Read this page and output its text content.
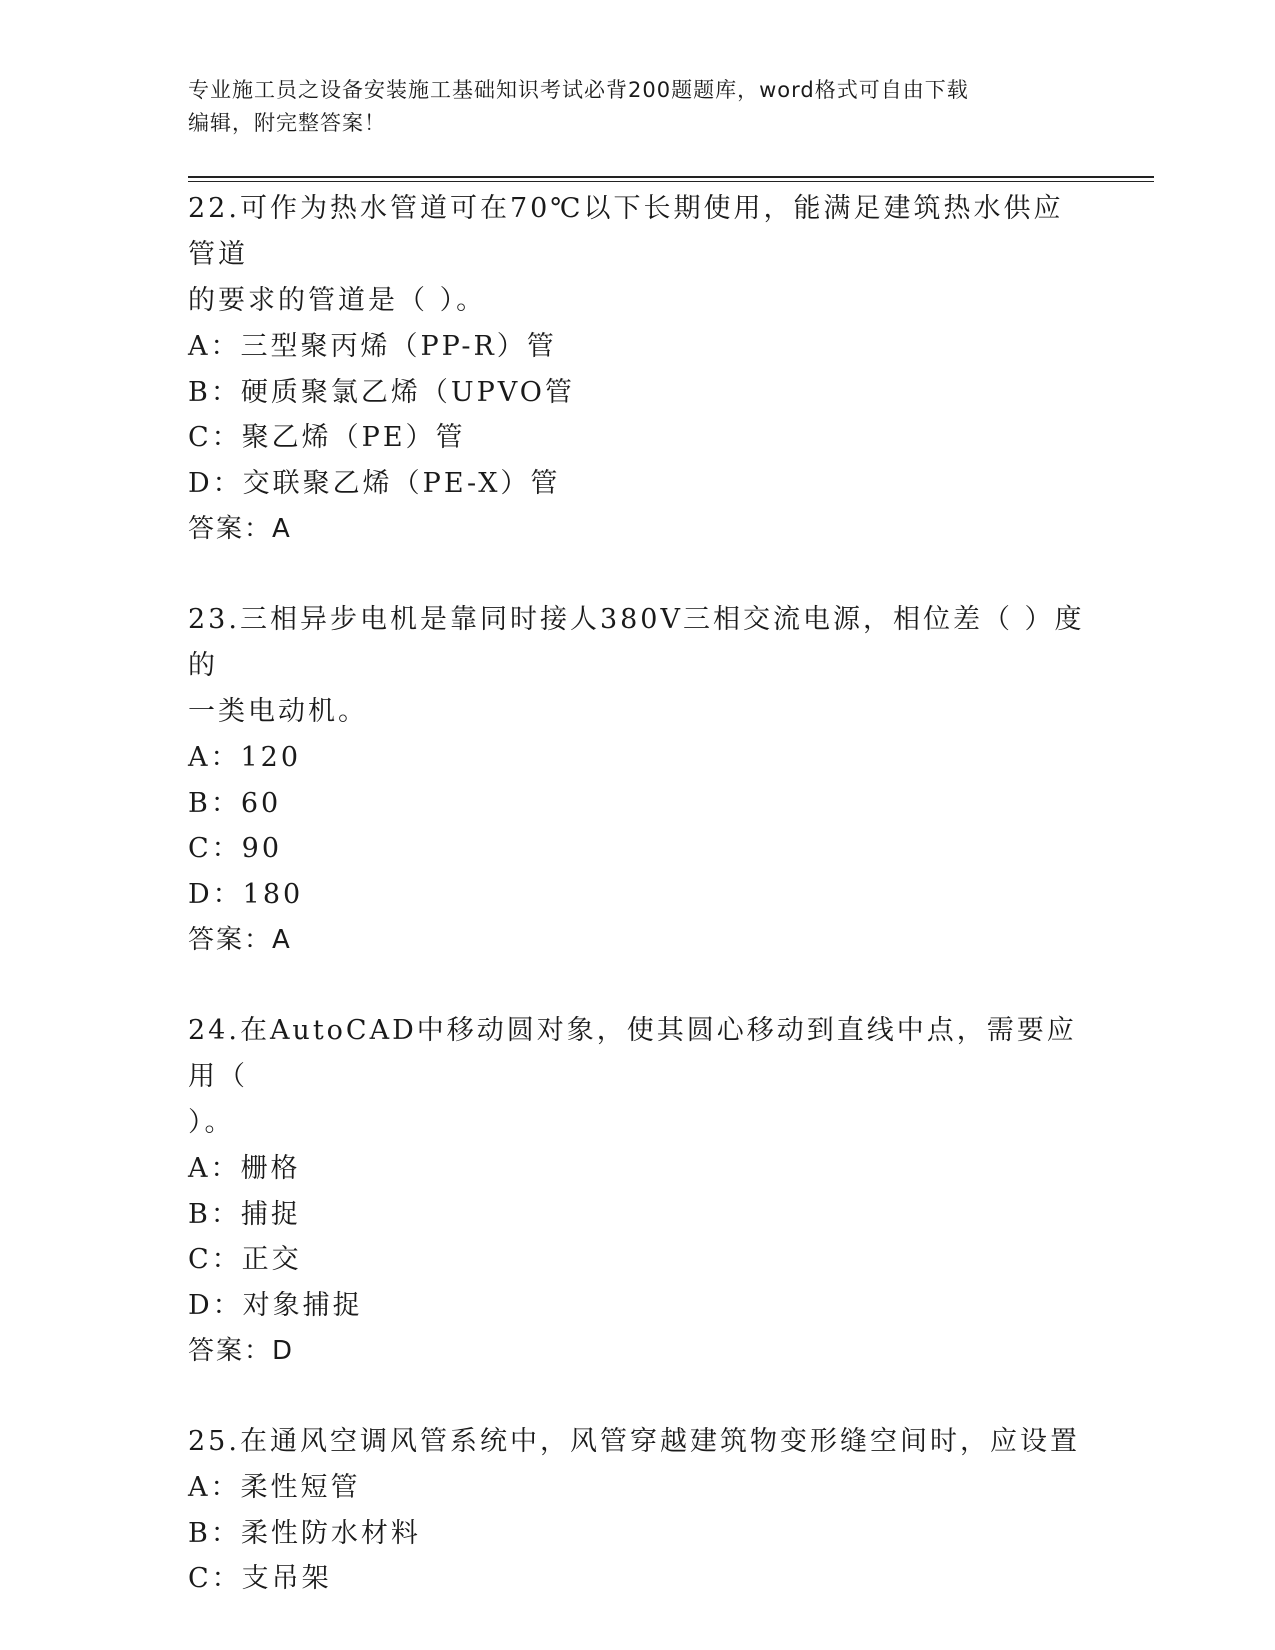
专业施工员之设备安装施工基础知识考试必背200题题库，word格式可自由下载

编辑，附完整答案！

22.可作为热水管道可在70℃以下长期使用，能满足建筑热水供应管道

的要求的管道是（ ）。

A：三型聚丙烯（PP-R）管

B：硬质聚氯乙烯（UPVO管

C：聚乙烯（PE）管

D：交联聚乙烯（PE-X）管

答案：A

23.三相异步电机是靠同时接人380V三相交流电源，相位差（ ）度的

一类电动机。

A：120

B：60

C：90

D：180

答案：A

24.在AutoCAD中移动圆对象，使其圆心移动到直线中点，需要应用（

）。

A：栅格

B：捕捉

C：正交

D：对象捕捉

答案：D

25.在通风空调风管系统中，风管穿越建筑物变形缝空间时，应设置

A：柔性短管

B：柔性防水材料

C：支吊架
